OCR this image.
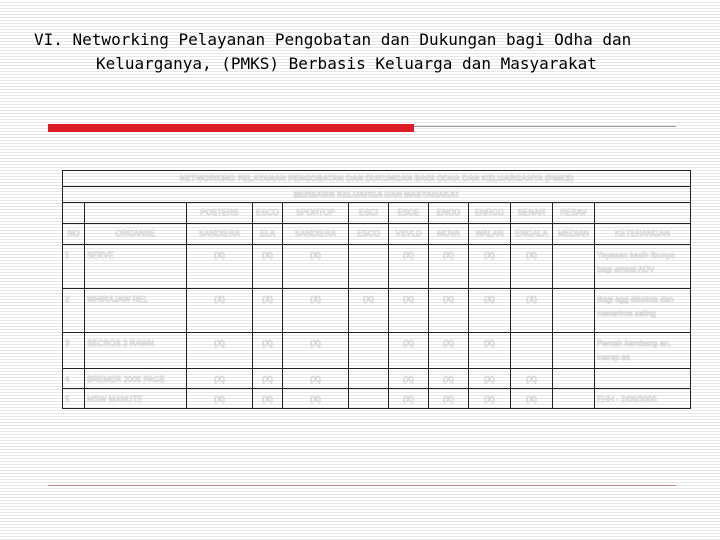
VI. Networking Pelayanan Pengobatan dan Dukungan bagi Odha dan
Keluarganya, (PMKS) Berbasis Keluarga dan Masyarakat
NETWORKING PELAYANAN PENGOBATAN DAN DUKUNGAN BAGI ODHA DAN KELUARGANYA (PMKS)											
BERBASIS KELUARGA DAN MASYARAKAT											
		POSTERS	ESCO	SPORTOP	ESCI	ESCE	ENOO	ENRGO	SENAR	RESAV	
NO	ORGANSE	SANDIERA	ELA	SANDIERA	ESCO	VSVLD	MOVA	WALAN	ENGALA	MEDIAN	KETERANGAN
1	SERVE	(X)	(X)	(X)		(X)	(X)	(X)	(X)		Yayasan kasih Ibunya bagi ambal ADV
2	WHIRAJAW REL	(X)	(X)	(X)	(X)	(X)	(X)	(X)	(X)		Bagi agg dikelola dan menerima saling
3	SECROS 3 RAWN	(X)	(X)	(X)		(X)	(X)	(X)			Pemah kembang an, mersp as
4	BREMER 2005 PAGE	(X)	(X)	(X)		(X)	(X)	(X)	(X)		
5	MSW MANUTE	(X)	(X)	(X)		(X)	(X)	(X)	(X)		EHH - 2/06/2006
